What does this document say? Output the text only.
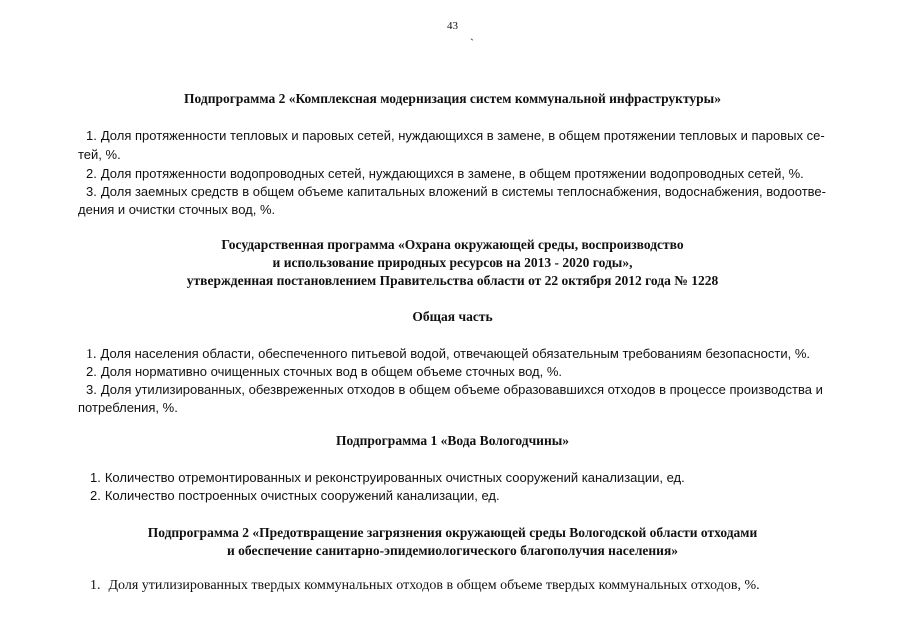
43
`
Подпрограмма 2 «Комплексная модернизация систем коммунальной инфраструктуры»

1. Доля протяженности тепловых и паровых сетей, нуждающихся в замене, в общем протяжении тепловых и паровых се-

тей, %.

2. Доля протяженности водопроводных сетей, нуждающихся в замене, в общем протяжении водопроводных сетей, %.

3. Доля заемных средств в общем объеме капитальных вложений в системы теплоснабжения, водоснабжения, водоотве-

дения и очистки сточных вод, %.

Государственная программа «Охрана окружающей среды, воспроизводство
и использование природных ресурсов на 2013 - 2020 годы»,
утвержденная постановлением Правительства области от 22 октября 2012 года № 1228
Общая часть

1. Доля населения области, обеспеченного питьевой водой, отвечающей обязательным требованиям безопасности, %.

2. Доля нормативно очищенных сточных вод в общем объеме сточных вод, %.

3. Доля утилизированных, обезвреженных отходов в общем объеме образовавшихся отходов в процессе производства и

потребления, %.

Подпрограмма 1 «Вода Вологодчины»

1. Количество отремонтированных и реконструированных очистных сооружений канализации, ед.

2. Количество построенных очистных сооружений канализации, ед.

Подпрограмма 2 «Предотвращение загрязнения окружающей среды Вологодской области отходами
и обеспечение санитарно-эпидемиологического благополучия населения»

1. Доля утилизированных твердых коммунальных отходов в общем объеме твердых коммунальных отходов, %.
